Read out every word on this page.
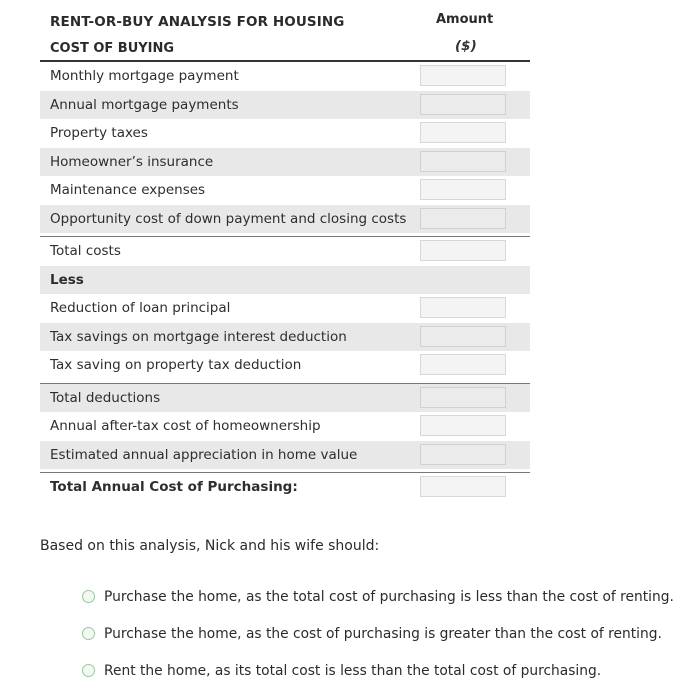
RENT-OR-BUY ANALYSIS FOR HOUSING
COST OF BUYING
Amount
($)
Monthly mortgage payment
Annual mortgage payments
Property taxes
Homeowner’s insurance
Maintenance expenses
Opportunity cost of down payment and closing costs
Total costs
Less
Reduction of loan principal
Tax savings on mortgage interest deduction
Tax saving on property tax deduction
Total deductions
Annual after-tax cost of homeownership
Estimated annual appreciation in home value
Total Annual Cost of Purchasing:
Based on this analysis, Nick and his wife should:
Purchase the home, as the total cost of purchasing is less than the cost of renting.
Purchase the home, as the cost of purchasing is greater than the cost of renting.
Rent the home, as its total cost is less than the total cost of purchasing.
